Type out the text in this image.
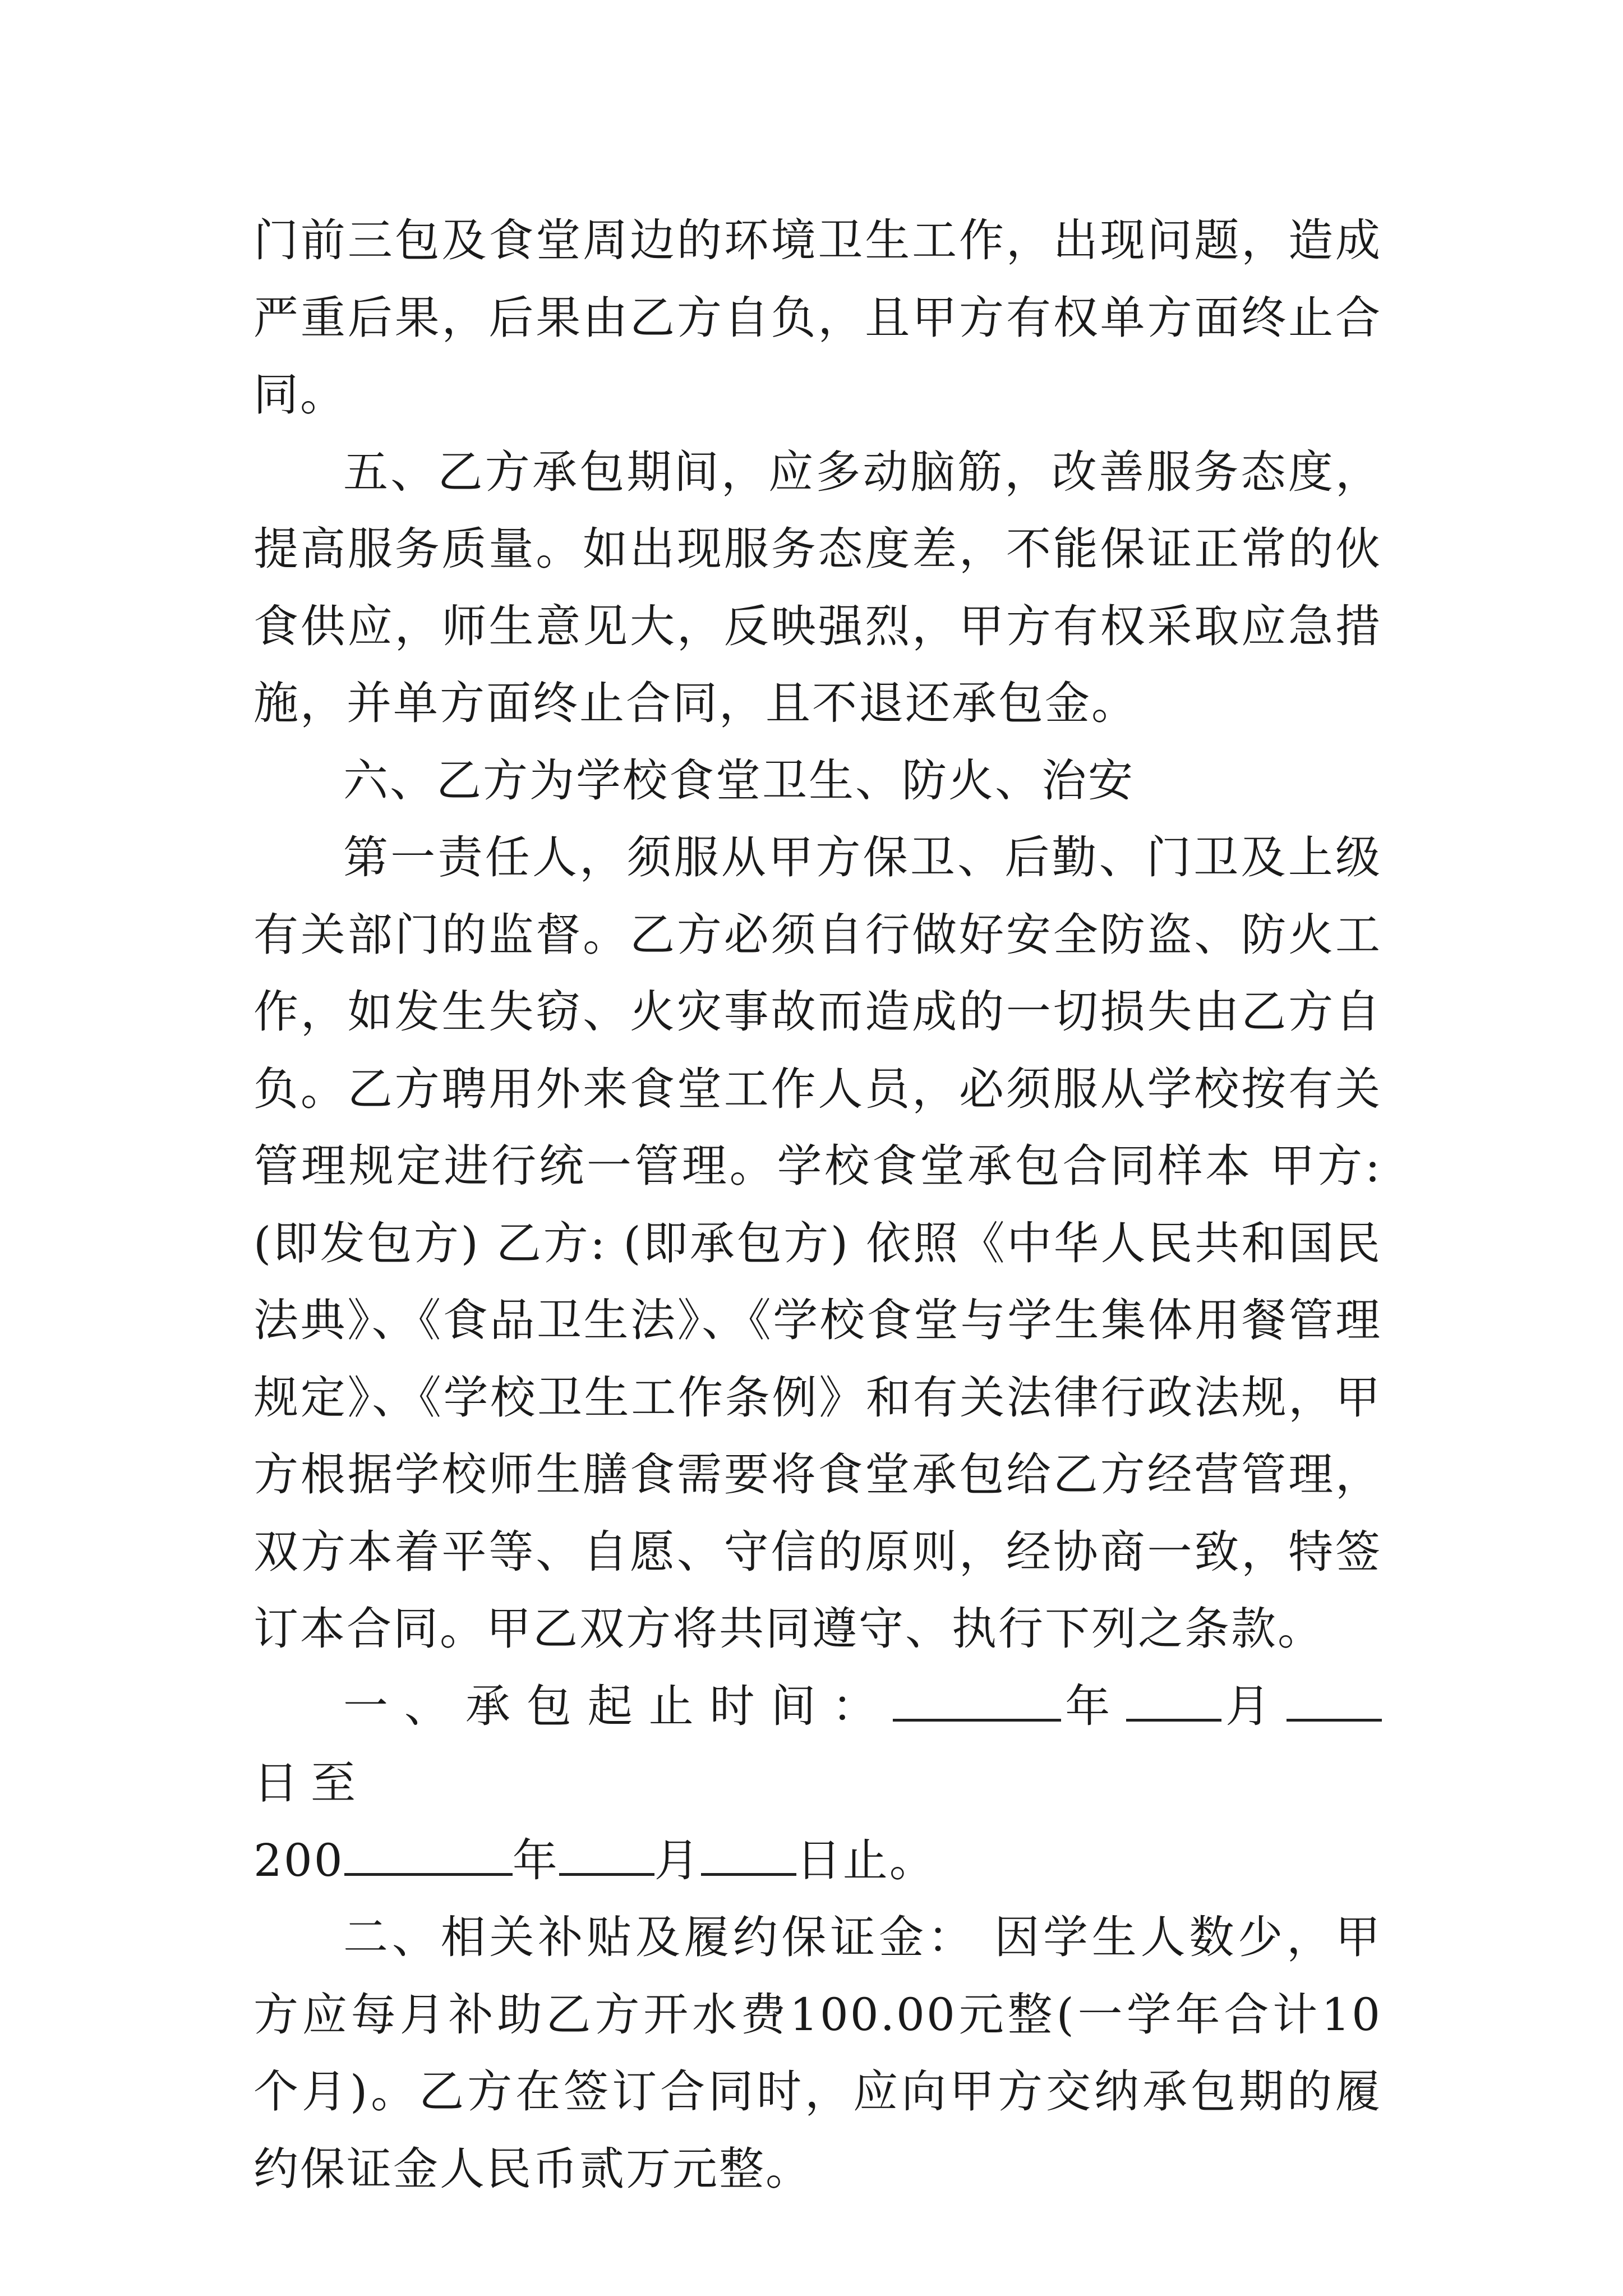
门前三包及食堂周边的环境卫生工作，出现问题，造成严重后果，后果由乙方自负，且甲方有权单方面终止合同。

五、乙方承包期间，应多动脑筋，改善服务态度，提高服务质量。如出现服务态度差，不能保证正常的伙食供应，师生意见大，反映强烈，甲方有权采取应急措施，并单方面终止合同，且不退还承包金。

六、乙方为学校食堂卫生、防火、治安

第一责任人，须服从甲方保卫、后勤、门卫及上级有关部门的监督。乙方必须自行做好安全防盗、防火工作，如发生失窃、火灾事故而造成的一切损失由乙方自负。乙方聘用外来食堂工作人员，必须服从学校按有关管理规定进行统一管理。学校食堂承包合同样本 甲方:(即发包方) 乙方: (即承包方) 依照《中华人民共和国民法典》、《食品卫生法》、《学校食堂与学生集体用餐管理规定》、《学校卫生工作条例》和有关法律行政法规，甲方根据学校师生膳食需要将食堂承包给乙方经营管理，双方本着平等、自愿、守信的原则，经协商一致，特签订本合同。甲乙双方将共同遵守、执行下列之条款。

一、承包起止时间：	年 月日至
200	年 月 日止。

二、相关补贴及履约保证金： 因学生人数少，甲方应每月补助乙方开水费100.00元整(一学年合计10个月)。乙方在签订合同时，应向甲方交纳承包期的履约保证金人民币贰万元整。
